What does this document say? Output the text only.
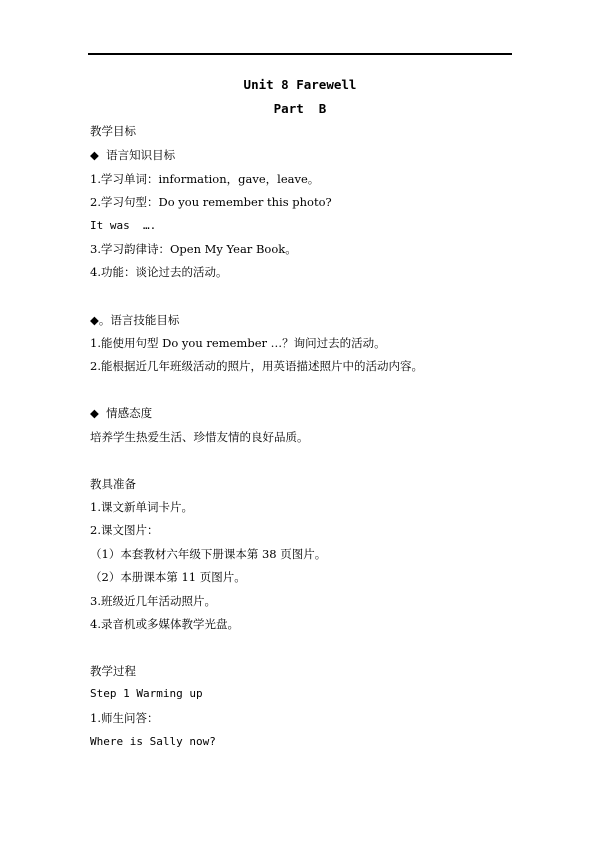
Unit 8 Farewell
Part  B
教学目标
◆  语言知识目标
1.学习单词：information，gave，leave。
2.学习句型：Do you remember this photo?
It was  ….
3.学习韵律诗：Open My Year Book。
4.功能：谈论过去的活动。
◆。语言技能目标
1.能使用句型 Do you remember …？询问过去的活动。
2.能根据近几年班级活动的照片，用英语描述照片中的活动内容。
◆  情感态度
培养学生热爱生活、珍惜友情的良好品质。
教具准备
1.课文新单词卡片。
2.课文图片：
（1）本套教材六年级下册课本第 38 页图片。
（2）本册课本第 11 页图片。
3.班级近几年活动照片。
4.录音机或多媒体教学光盘。
教学过程
Step 1 Warming up
1.师生问答：
Where is Sally now?
